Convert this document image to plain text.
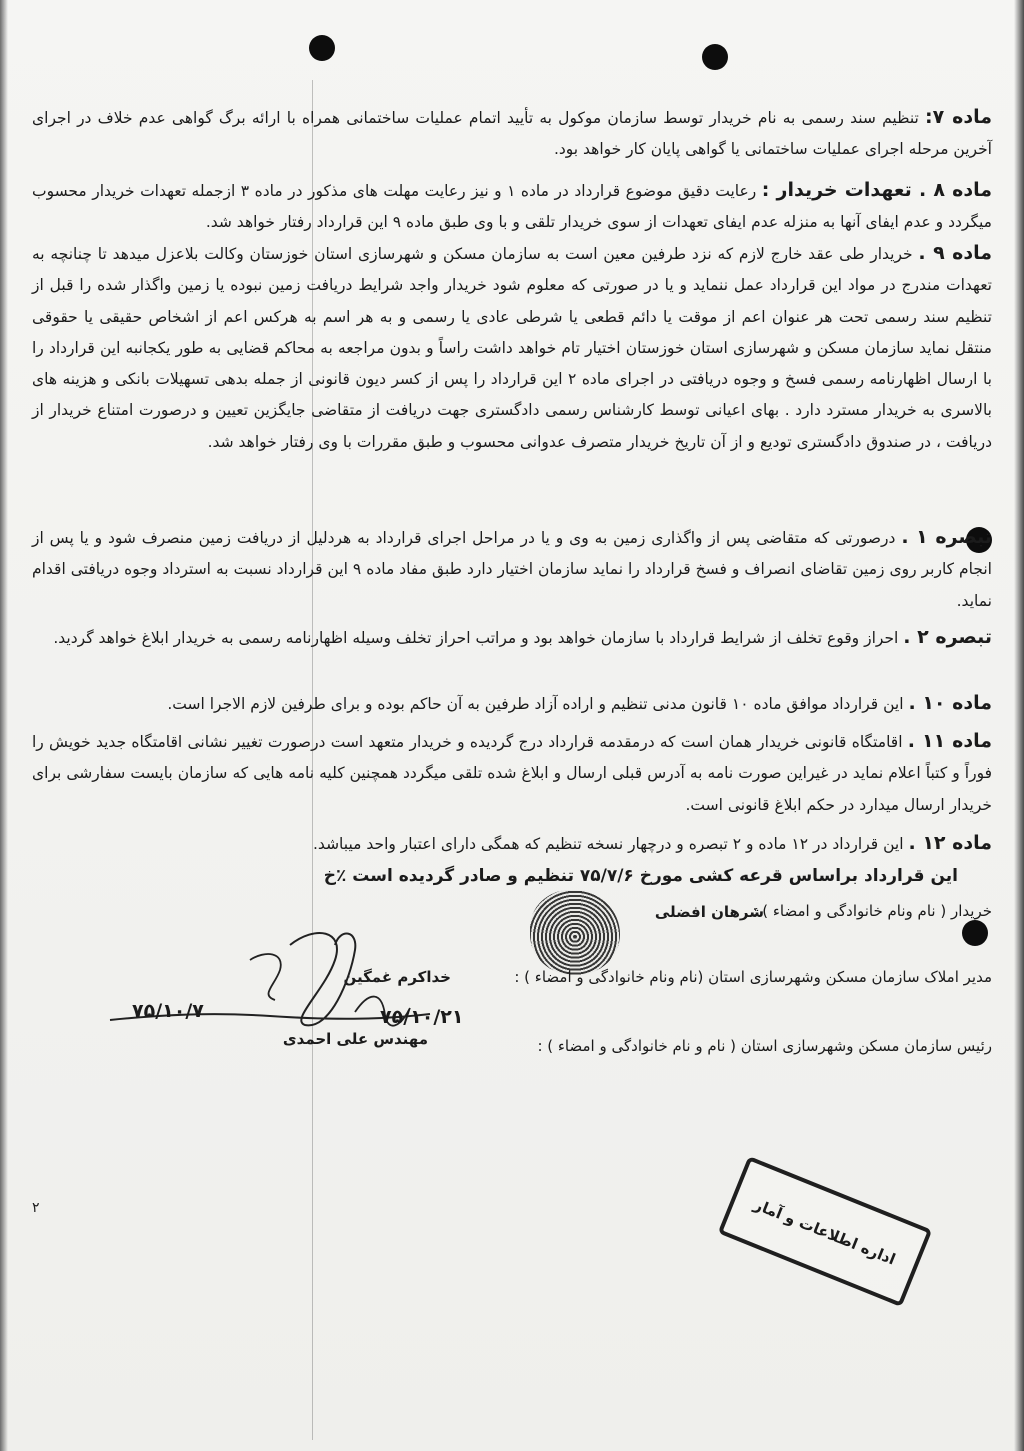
ماده ۷: تنظیم سند رسمی به نام خریدار توسط سازمان موکول به تأیید اتمام عملیات ساختمانی همراه با ارائه برگ گواهی عدم خلاف در اجرای آخرین مرحله اجرای عملیات ساختمانی یا گواهی پایان کار خواهد بود.

ماده ۸ . تعهدات خریدار : رعایت دقیق موضوع قرارداد در ماده ۱ و نیز رعایت مهلت های مذکور در ماده ۳ ازجمله تعهدات خریدار محسوب میگردد و عدم ایفای آنها به منزله عدم ایفای تعهدات از سوی خریدار تلقی و با وی طبق ماده ۹ این قرارداد رفتار خواهد شد.

ماده ۹ . خریدار طی عقد خارج لازم که نزد طرفین معین است به سازمان مسکن و شهرسازی استان خوزستان وکالت بلاعزل میدهد تا چنانچه به تعهدات مندرج در مواد این قرارداد عمل ننماید و یا در صورتی که معلوم شود خریدار واجد شرایط دریافت زمین نبوده یا زمین واگذار شده را قبل از تنظیم سند رسمی تحت هر عنوان اعم از موقت یا دائم قطعی یا شرطی عادی یا رسمی و به هر اسم به هرکس اعم از اشخاص حقیقی یا حقوقی منتقل نماید سازمان مسکن و شهرسازی استان خوزستان اختیار تام خواهد داشت راساً و بدون مراجعه به محاکم قضایی به طور یکجانبه این قرارداد را با ارسال اظهارنامه رسمی فسخ و وجوه دریافتی در اجرای ماده ۲ این قرارداد را پس از کسر دیون قانونی از جمله بدهی تسهیلات بانکی و هزینه های بالاسری به خریدار مسترد دارد . بهای اعیانی توسط کارشناس رسمی دادگستری جهت دریافت از متقاضی جایگزین تعیین و درصورت امتناع خریدار از دریافت ، در صندوق دادگستری تودیع و از آن تاریخ خریدار متصرف عدوانی محسوب و طبق مقررات با وی رفتار خواهد شد.

تبصره ۱ . درصورتی که متقاضی پس از واگذاری زمین به وی و یا در مراحل اجرای قرارداد به هردلیل از دریافت زمین منصرف شود و یا پس از انجام کاربر روی زمین تقاضای انصراف و فسخ قرارداد را نماید سازمان اختیار دارد طبق مفاد ماده ۹ این قرارداد نسبت به استرداد وجوه دریافتی اقدام نماید.

تبصره ۲ . احراز وقوع تخلف از شرایط قرارداد با سازمان خواهد بود و مراتب احراز تخلف وسیله اظهارنامه رسمی به خریدار ابلاغ خواهد گردید.

ماده ۱۰ . این قرارداد موافق ماده ۱۰ قانون مدنی تنظیم و اراده آزاد طرفین به آن حاکم بوده و برای طرفین لازم الاجرا است.

ماده ۱۱ . اقامتگاه قانونی خریدار همان است که درمقدمه قرارداد درج گردیده و خریدار متعهد است درصورت تغییر نشانی اقامتگاه جدید خویش را فوراً و کتباً اعلام نماید در غیراین صورت نامه به آدرس قبلی ارسال و ابلاغ شده تلقی میگردد همچنین کلیه نامه هایی که سازمان بایست سفارشی برای خریدار ارسال میدارد در حکم ابلاغ قانونی است.

ماده ۱۲ . این قرارداد در ۱۲ ماده و ۲ تبصره و درچهار نسخه تنظیم که همگی دارای اعتبار واحد میباشد.

این قرارداد براساس قرعه کشی مورخ ۷۵/۷/۶ تنظیم و صادر گردیده است ٪خ
خریدار ( نام ونام خانوادگی و امضاء ) :
شرهان افضلی
مدیر املاک سازمان مسکن وشهرسازی استان (نام ونام خانوادگی و امضاء ) :
خداکرم غمگین
۷۵/۱۰/۷	۷۵/۱۰/۲۱
رئیس سازمان مسکن وشهرسازی استان ( نام و نام خانوادگی و امضاء ) :
مهندس علی احمدی
اداره اطلاعات و آمار
۲
